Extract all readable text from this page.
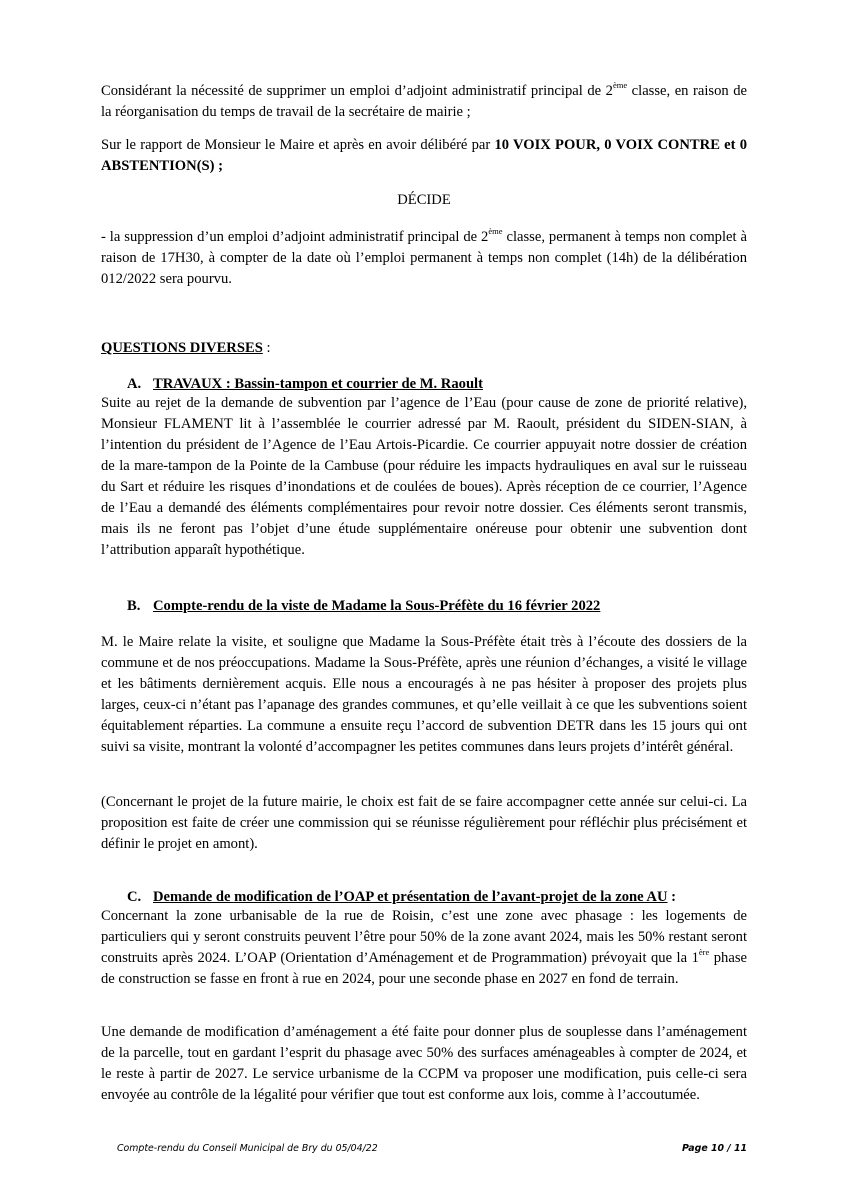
Considérant la nécessité de supprimer un emploi d’adjoint administratif principal de 2ème classe, en raison de la réorganisation du temps de travail de la secrétaire de mairie ;

Sur le rapport de Monsieur le Maire et après en avoir délibéré par 10 VOIX POUR, 0 VOIX CONTRE et 0 ABSTENTION(S) ;

DÉCIDE

- la suppression d’un emploi d’adjoint administratif principal de 2ème classe, permanent à temps non complet à raison de 17H30, à compter de la date où l’emploi permanent à temps non complet (14h) de la délibération 012/2022 sera pourvu.

QUESTIONS DIVERSES :

A. TRAVAUX : Bassin-tampon et courrier de M. Raoult

Suite au rejet de la demande de subvention par l’agence de l’Eau (pour cause de zone de priorité relative), Monsieur FLAMENT lit à l’assemblée le courrier adressé par M. Raoult, président du SIDEN-SIAN, à l’intention du président de l’Agence de l’Eau Artois-Picardie. Ce courrier appuyait notre dossier de création de la mare-tampon de la Pointe de la Cambuse (pour réduire les impacts hydrauliques en aval sur le ruisseau du Sart et réduire les risques d’inondations et de coulées de boues). Après réception de ce courrier, l’Agence de l’Eau a demandé des éléments complémentaires pour revoir notre dossier. Ces éléments seront transmis, mais ils ne feront pas l’objet d’une étude supplémentaire onéreuse pour obtenir une subvention dont l’attribution apparaît hypothétique.

B. Compte-rendu de la viste de Madame la Sous-Préfète du 16 février 2022

M. le Maire relate la visite, et souligne que Madame la Sous-Préfète était très à l’écoute des dossiers de la commune et de nos préoccupations. Madame la Sous-Préfète, après une réunion d’échanges, a visité le village et les bâtiments dernièrement acquis. Elle nous a encouragés à ne pas hésiter à proposer des projets plus larges, ceux-ci n’étant pas l’apanage des grandes communes, et qu’elle veillait à ce que les subventions soient équitablement réparties. La commune a ensuite reçu l’accord de subvention DETR dans les 15 jours qui ont suivi sa visite, montrant la volonté d’accompagner les petites communes dans leurs projets d’intérêt général.

(Concernant le projet de la future mairie, le choix est fait de se faire accompagner cette année sur celui-ci. La proposition est faite de créer une commission qui se réunisse régulièrement pour réfléchir plus précisément et définir le projet en amont).

C. Demande de modification de l’OAP et présentation de l’avant-projet de la zone AU :

Concernant la zone urbanisable de la rue de Roisin, c’est une zone avec phasage : les logements de particuliers qui y seront construits peuvent l’être pour 50% de la zone avant 2024, mais les 50% restant seront construits après 2024. L’OAP (Orientation d’Aménagement et de Programmation) prévoyait que la 1ère phase de construction se fasse en front à rue en 2024, pour une seconde phase en 2027 en fond de terrain.

Une demande de modification d’aménagement a été faite pour donner plus de souplesse dans l’aménagement de la parcelle, tout en gardant l’esprit du phasage avec 50% des surfaces aménageables à compter de 2024, et le reste à partir de 2027. Le service urbanisme de la CCPM va proposer une modification, puis celle-ci sera envoyée au contrôle de la légalité pour vérifier que tout est conforme aux lois, comme à l’accoutumée.

Compte-rendu du Conseil Municipal de Bry du 05/04/22	Page 10 / 11
